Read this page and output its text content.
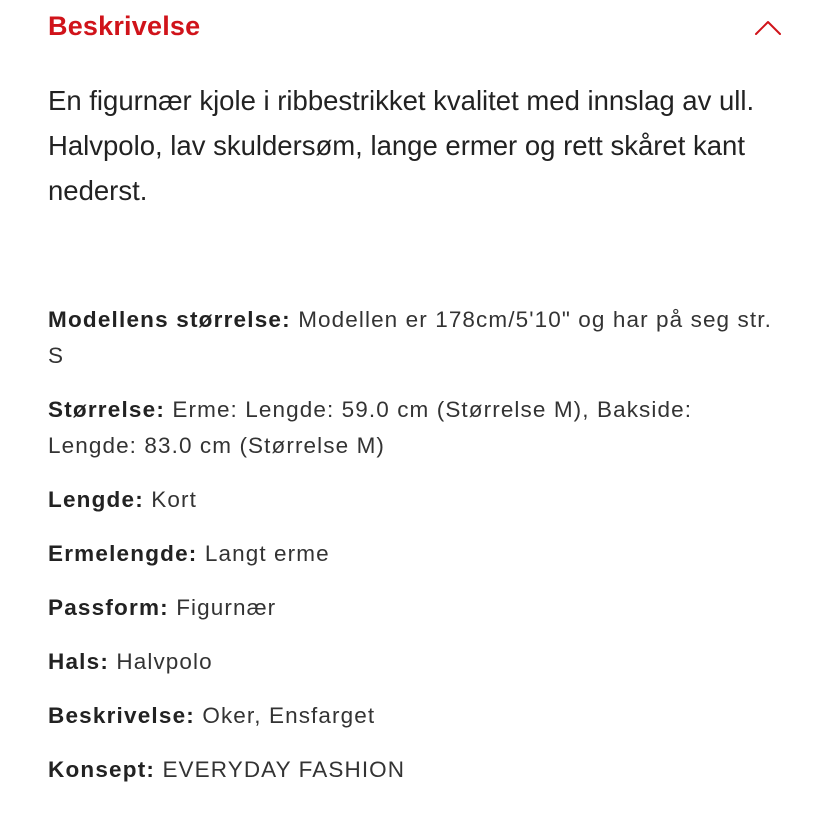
Beskrivelse

En figurnær kjole i ribbestrikket kvalitet med innslag av ull. Halvpolo, lav skuldersøm, lange ermer og rett skåret kant nederst.

Modellens størrelse: Modellen er 178cm/5'10" og har på seg str. S

Størrelse: Erme: Lengde: 59.0 cm (Størrelse M), Bakside: Lengde: 83.0 cm (Størrelse M)

Lengde: Kort

Ermelengde: Langt erme

Passform: Figurnær

Hals: Halvpolo

Beskrivelse: Oker, Ensfarget

Konsept: EVERYDAY FASHION
